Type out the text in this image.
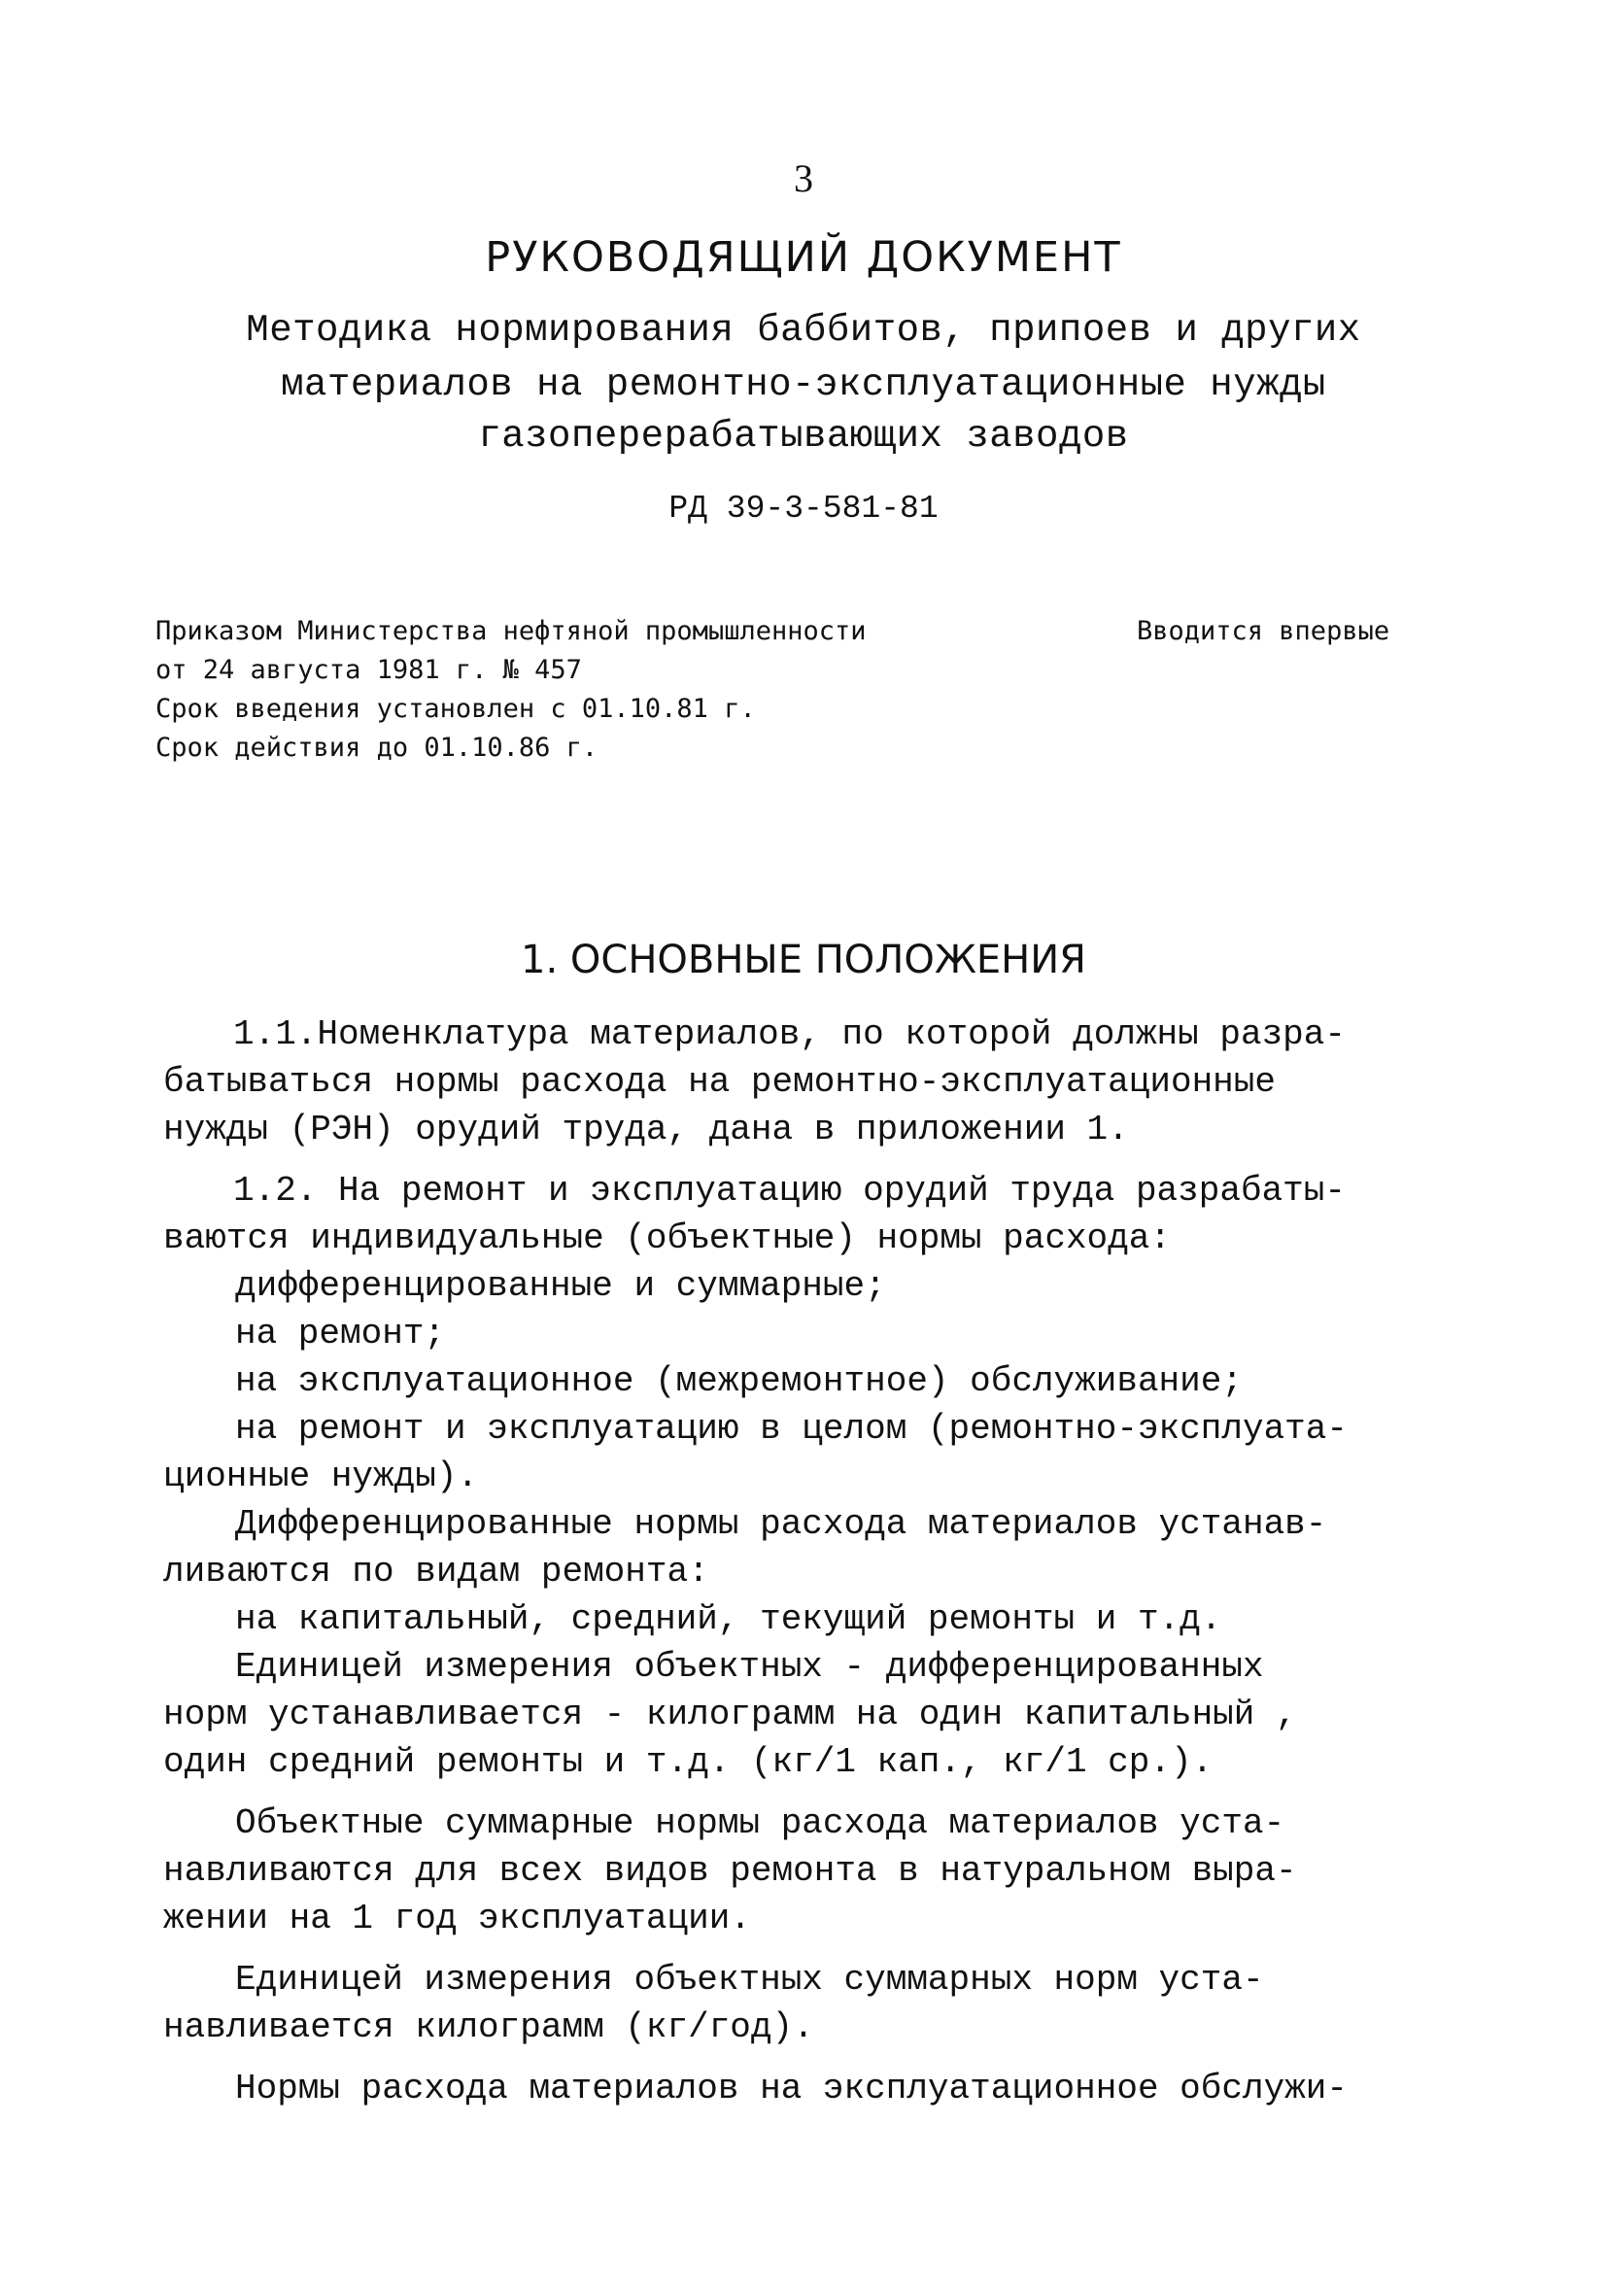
3
РУКОВОДЯЩИЙ ДОКУМЕНТ
Методика нормирования баббитов, припоев и других
материалов на ремонтно-эксплуатационные нужды
газоперерабатывающих заводов
РД 39-3-581-81
Приказом Министерства нефтяной промышленности
от 24 августа 1981 г. № 457
Срок введения установлен с 01.10.81 г.
Срок действия до 01.10.86 г.
Вводится впервые
1. ОСНОВНЫЕ ПОЛОЖЕНИЯ
1.1.Номенклатура материалов, по которой должны разра-
батываться нормы расхода на ремонтно-эксплуатационные
нужды (РЭН) орудий труда, дана в приложении 1.
1.2. На ремонт и эксплуатацию орудий труда разрабаты-
ваются индивидуальные (объектные) нормы расхода:
дифференцированные и суммарные;
на ремонт;
на эксплуатационное (межремонтное) обслуживание;
на ремонт и эксплуатацию в целом (ремонтно-эксплуата-
ционные нужды).
Дифференцированные нормы расхода материалов устанав-
ливаются по видам ремонта:
на капитальный, средний, текущий ремонты и т.д.
Единицей измерения объектных - дифференцированных
норм устанавливается - килограмм на один капитальный ,
один средний ремонты и т.д. (кг/1 кап., кг/1 ср.).
Объектные суммарные нормы расхода материалов уста-
навливаются для всех видов ремонта в натуральном выра-
жении на 1 год эксплуатации.
Единицей измерения объектных суммарных норм уста-
навливается килограмм (кг/год).
Нормы расхода материалов на эксплуатационное обслужи-
